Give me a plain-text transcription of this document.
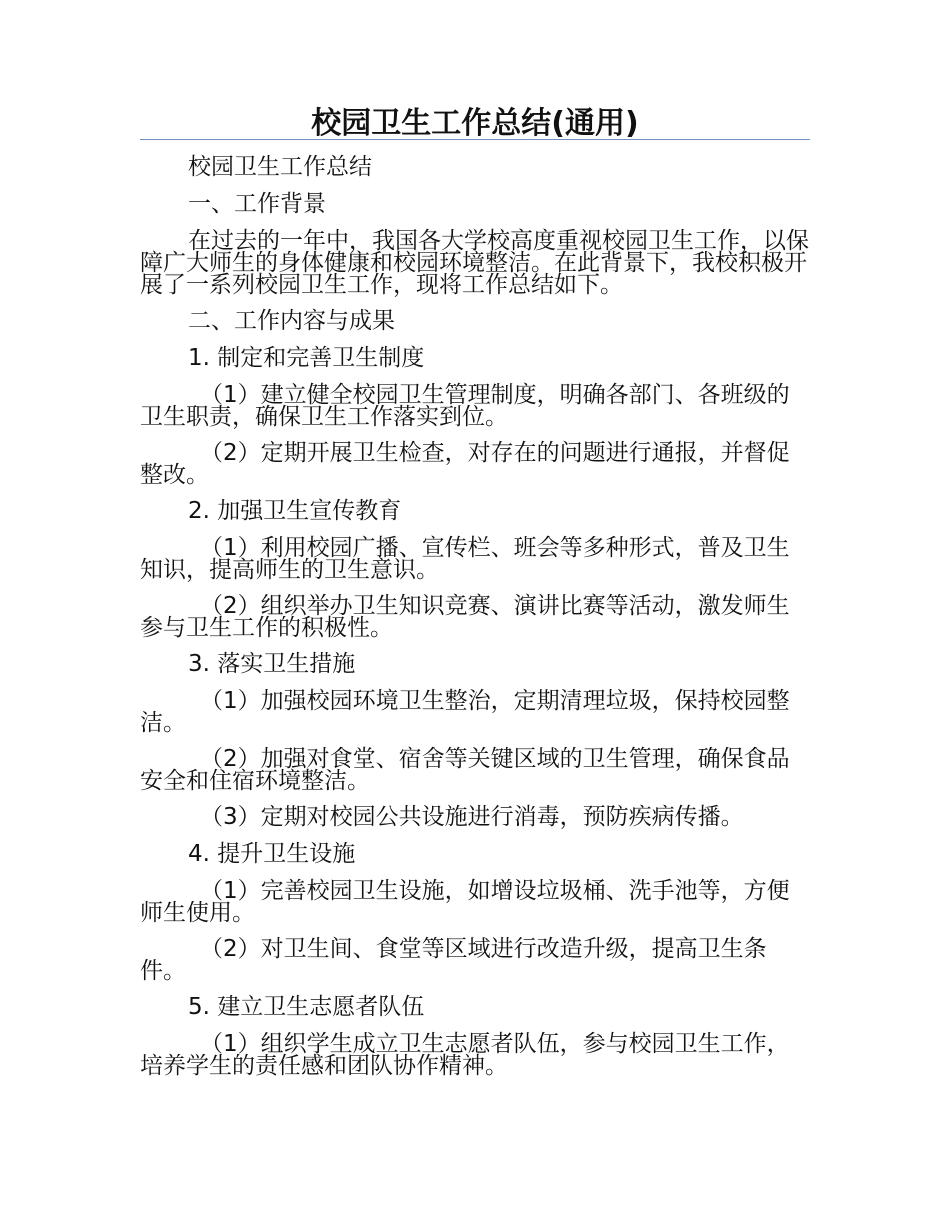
校园卫生工作总结(通用)

校园卫生工作总结

一、工作背景

在过去的一年中，我国各大学校高度重视校园卫生工作，以保障广大师生的身体健康和校园环境整洁。在此背景下，我校积极开展了一系列校园卫生工作，现将工作总结如下。

二、工作内容与成果

1. 制定和完善卫生制度

（1）建立健全校园卫生管理制度，明确各部门、各班级的卫生职责，确保卫生工作落实到位。

（2）定期开展卫生检查，对存在的问题进行通报，并督促整改。

2. 加强卫生宣传教育

（1）利用校园广播、宣传栏、班会等多种形式，普及卫生知识，提高师生的卫生意识。

（2）组织举办卫生知识竞赛、演讲比赛等活动，激发师生参与卫生工作的积极性。

3. 落实卫生措施

（1）加强校园环境卫生整治，定期清理垃圾，保持校园整洁。

（2）加强对食堂、宿舍等关键区域的卫生管理，确保食品安全和住宿环境整洁。

（3）定期对校园公共设施进行消毒，预防疾病传播。

4. 提升卫生设施

（1）完善校园卫生设施，如增设垃圾桶、洗手池等，方便师生使用。

（2）对卫生间、食堂等区域进行改造升级，提高卫生条件。

5. 建立卫生志愿者队伍

（1）组织学生成立卫生志愿者队伍，参与校园卫生工作，培养学生的责任感和团队协作精神。
